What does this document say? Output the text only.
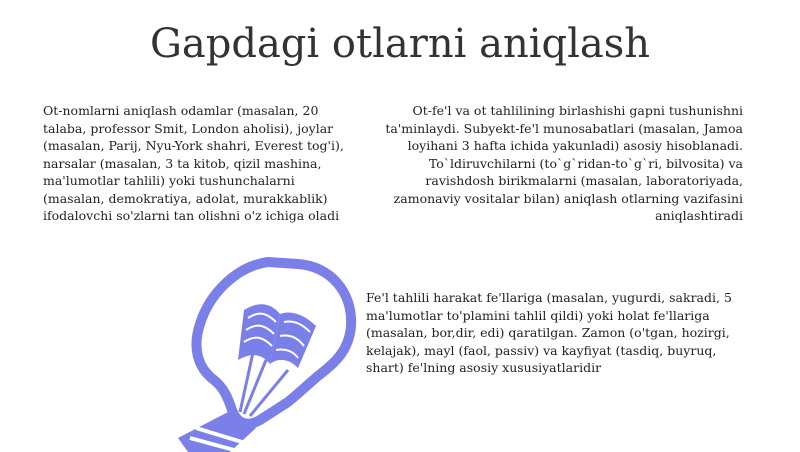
Gapdagi otlarni aniqlash
Ot-nomlarni aniqlash odamlar (masalan, 20 talaba, professor Smit, London aholisi), joylar (masalan, Parij, Nyu-York shahri, Everest tog'i), narsalar (masalan, 3 ta kitob, qizil mashina, ma'lumotlar tahlili) yoki tushunchalarni (masalan, demokratiya, adolat, murakkablik) ifodalovchi so'zlarni tan olishni o'z ichiga oladi
Ot-fe'l va ot tahlilining birlashishi gapni tushunishni ta'minlaydi. Subyekt-fe'l munosabatlari (masalan, Jamoa loyihani 3 hafta ichida yakunladi) asosiy hisoblanadi. To`ldiruvchilarni (to`g`ridan-to`g`ri, bilvosita) va ravishdosh birikmalarni (masalan, laboratoriyada, zamonaviy vositalar bilan) aniqlash otlarning vazifasini aniqlashtiradi
Fe'l tahlili harakat fe'llariga (masalan, yugurdi, sakradi, 5 ma'lumotlar to'plamini tahlil qildi) yoki holat fe'llariga (masalan, bor,dir, edi) qaratilgan. Zamon (o'tgan, hozirgi, kelajak), mayl (faol, passiv) va kayfiyat (tasdiq, buyruq, shart) fe'lning asosiy xususiyatlaridir
